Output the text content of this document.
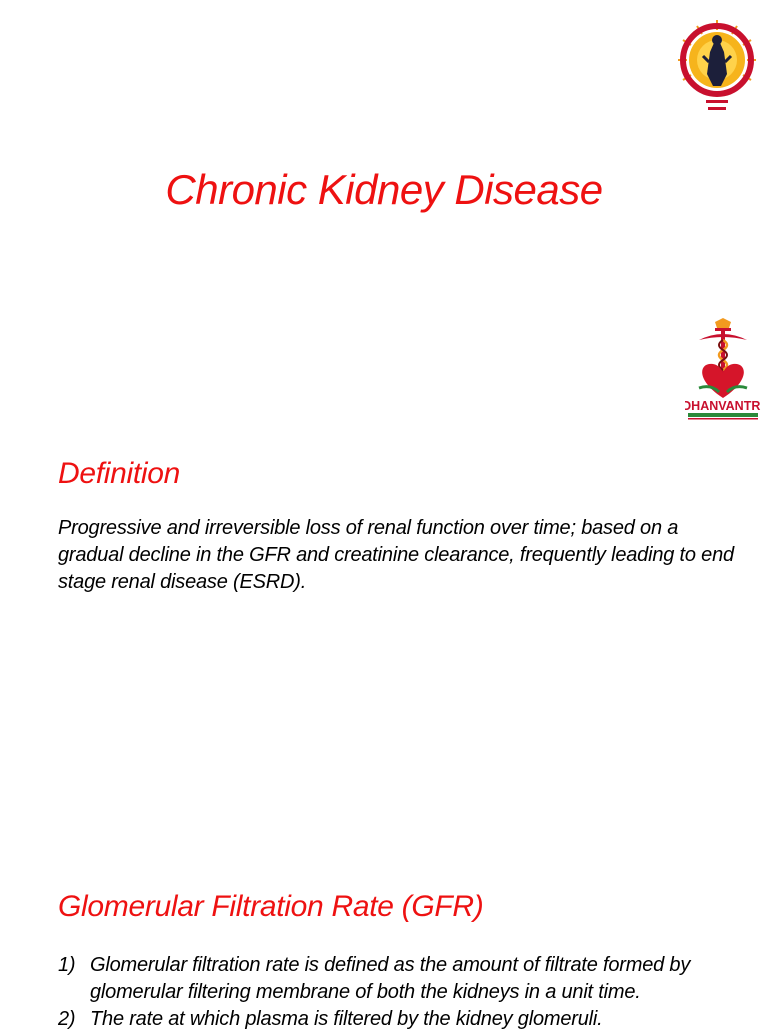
DHANVANTRI
Chronic Kidney Disease
Definition
Progressive and irreversible loss of renal function over time; based on a gradual decline in the GFR and creatinine clearance, frequently leading to end stage renal disease (ESRD).
Glomerular Filtration Rate (GFR)
1) Glomerular filtration rate is defined as the amount of filtrate formed by glomerular filtering membrane of both the kidneys in a unit time.
2) The rate at which plasma is filtered by the kidney glomeruli.
